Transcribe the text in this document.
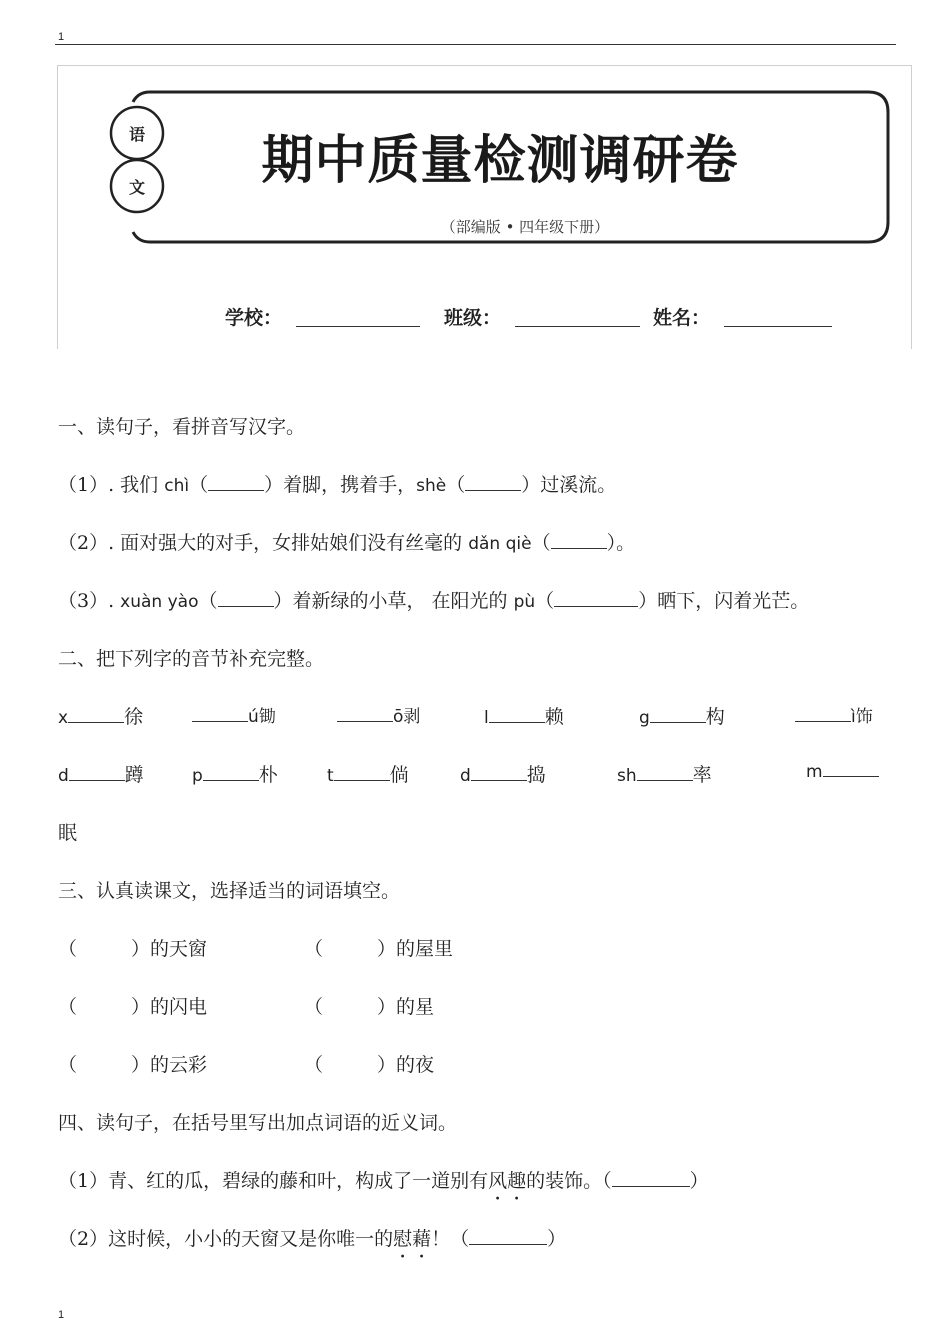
1
语
文	期中质量检测调研卷
（部编版 • 四年级下册）
学校：	班级：	姓名：
一、读句子，看拼音写汉字。
（1）. 我们 chì（	）着脚，携着手，shè（	）过溪流。
（2）. 面对强大的对手，女排姑娘们没有丝毫的 dǎn qiè（	）。
（3）. xuàn yào（	）着新绿的小草， 在阳光的 pù（	）晒下，闪着光芒。
二、把下列字的音节补充完整。
x	徐	ú锄	ō剥	l	赖	g	构	ì饰
d	蹲	p	朴	t	倘	d	捣	sh	率	m
眠
三、认真读课文，选择适当的词语填空。
（	）的天窗	（	）的屋里
（	）的闪电	（	）的星
（	）的云彩	（	）的夜
四、读句子，在括号里写出加点词语的近义词。
（1）青、红的瓜，碧绿的藤和叶，构成了一道别有风趣的装饰。（	）
（2）这时候，小小的天窗又是你唯一的慰藉！（	）
1
